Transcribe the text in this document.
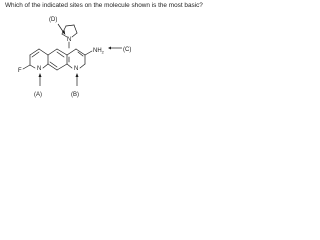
Which of the indicated sites on the molecule shown is the most basic?
N
N	N
F
$NH_2$
(D)
(C)
(A)	(B)
